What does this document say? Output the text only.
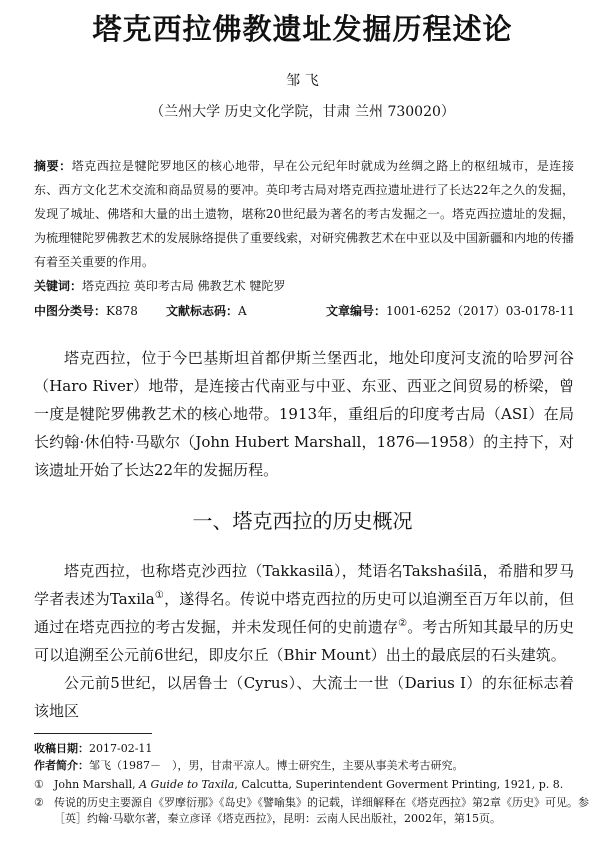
塔克西拉佛教遗址发掘历程述论
邹 飞
（兰州大学 历史文化学院，甘肃 兰州 730020）
摘要：塔克西拉是犍陀罗地区的核心地带，早在公元纪年时就成为丝绸之路上的枢纽城市，是连接东、西方文化艺术交流和商品贸易的要冲。英印考古局对塔克西拉遗址进行了长达22年之久的发掘，发现了城址、佛塔和大量的出土遗物，堪称20世纪最为著名的考古发掘之一。塔克西拉遗址的发掘，为梳理犍陀罗佛教艺术的发展脉络提供了重要线索，对研究佛教艺术在中亚以及中国新疆和内地的传播有着至关重要的作用。
关键词：塔克西拉 英印考古局 佛教艺术 犍陀罗
中图分类号：K878 文献标志码：A	文章编号：1001-6252（2017）03-0178-11
塔克西拉，位于今巴基斯坦首都伊斯兰堡西北，地处印度河支流的哈罗河谷（Haro River）地带，是连接古代南亚与中亚、东亚、西亚之间贸易的桥梁，曾一度是犍陀罗佛教艺术的核心地带。1913年，重组后的印度考古局（ASI）在局长约翰·休伯特·马歇尔（John Hubert Marshall，1876—1958）的主持下，对该遗址开始了长达22年的发掘历程。
一、塔克西拉的历史概况
塔克西拉，也称塔克沙西拉（Takkasilā），梵语名Takshaśilā，希腊和罗马学者表述为Taxila①，遂得名。传说中塔克西拉的历史可以追溯至百万年以前，但通过在塔克西拉的考古发掘，并未发现任何的史前遗存②。考古所知其最早的历史可以追溯至公元前6世纪，即皮尔丘（Bhir Mount）出土的最底层的石头建筑。
公元前5世纪，以居鲁士（Cyrus）、大流士一世（Darius I）的东征标志着该地区
收稿日期：2017-02-11
作者简介：邹飞（1987－　），男，甘肃平凉人。博士研究生，主要从事美术考古研究。
① John Marshall, A Guide to Taxila, Calcutta, Superintendent Goverment Printing, 1921, p. 8.
② 传说的历史主要源自《罗摩衍那》《岛史》《譬喻集》的记载，详细解释在《塔克西拉》第2章《历史》可见。参［英］约翰·马歇尔著，秦立彦译《塔克西拉》，昆明：云南人民出版社，2002年，第15页。
